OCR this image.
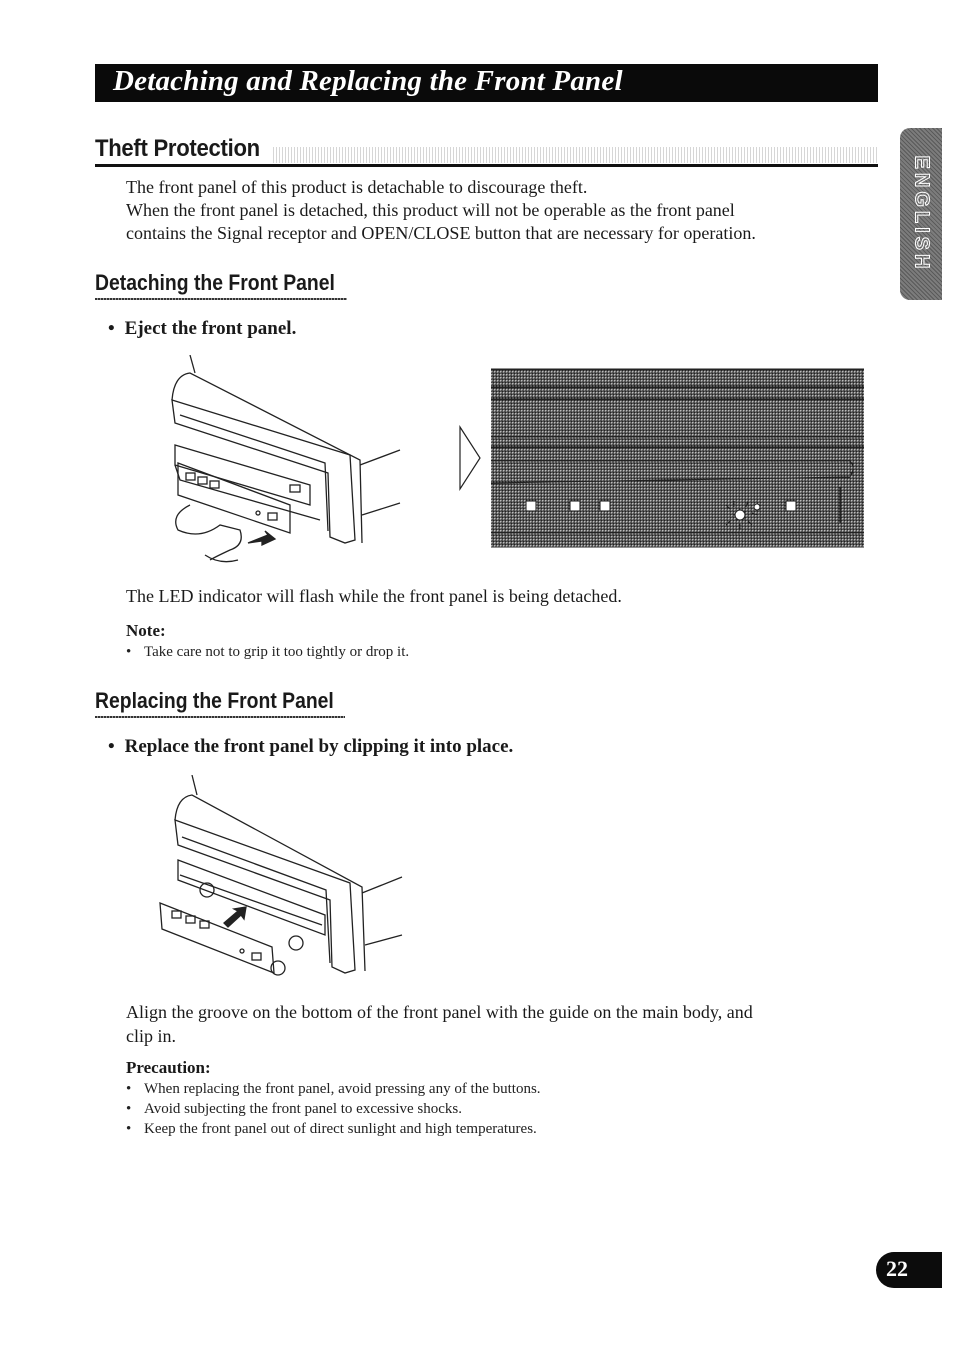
Detaching and Replacing the Front Panel
ENGLISH
Theft Protection
The front panel of this product is detachable to discourage theft.
When the front panel is detached, this product will not be operable as the front panel
contains the Signal receptor and OPEN/CLOSE button that are necessary for operation.
Detaching the Front Panel
• Eject the front panel.
The LED indicator will flash while the front panel is being detached.
Note:
• Take care not to grip it too tightly or drop it.
Replacing the Front Panel
• Replace the front panel by clipping it into place.
Align the groove on the bottom of the front panel with the guide on the main body, and
clip in.
Precaution:
• When replacing the front panel, avoid pressing any of the buttons.
• Avoid subjecting the front panel to excessive shocks.
• Keep the front panel out of direct sunlight and high temperatures.
22
